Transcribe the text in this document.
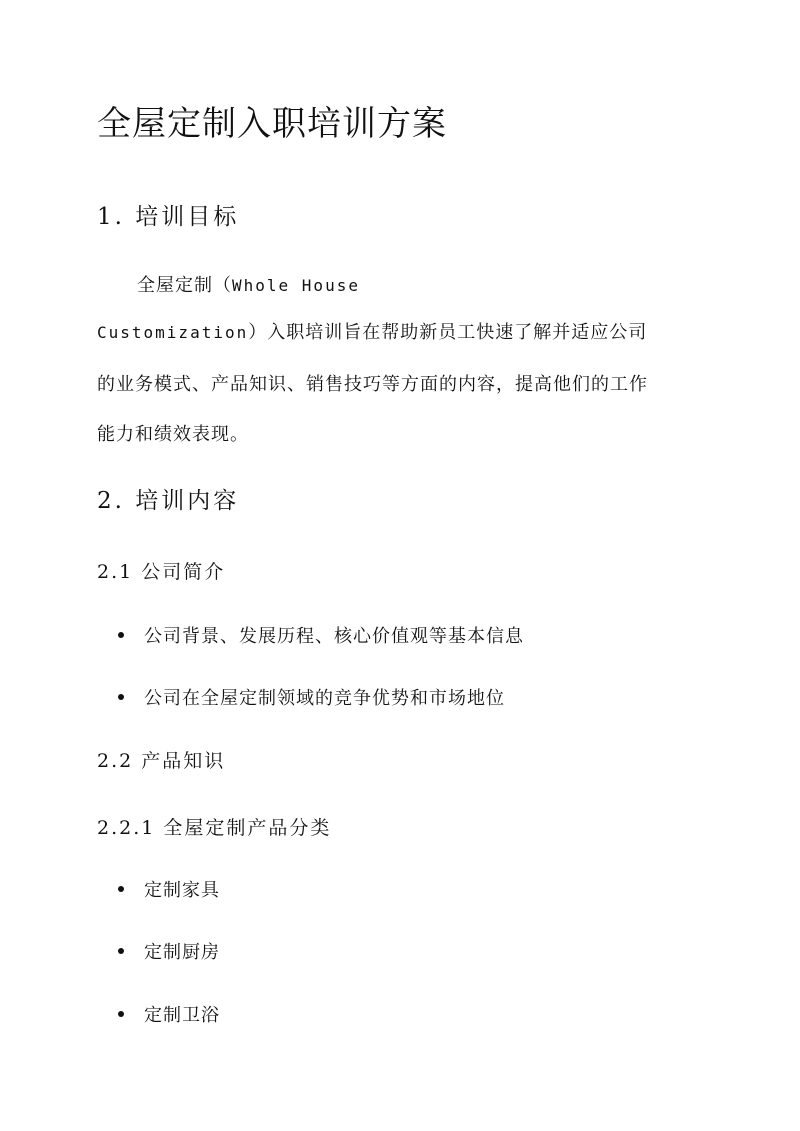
全屋定制入职培训方案
1. 培训目标

全屋定制（Whole House

Customization）入职培训旨在帮助新员工快速了解并适应公司

的业务模式、产品知识、销售技巧等方面的内容，提高他们的工作

能力和绩效表现。

2. 培训内容
2.1 公司简介
公司背景、发展历程、核心价值观等基本信息
公司在全屋定制领域的竞争优势和市场地位
2.2 产品知识
2.2.1 全屋定制产品分类
定制家具
定制厨房
定制卫浴
